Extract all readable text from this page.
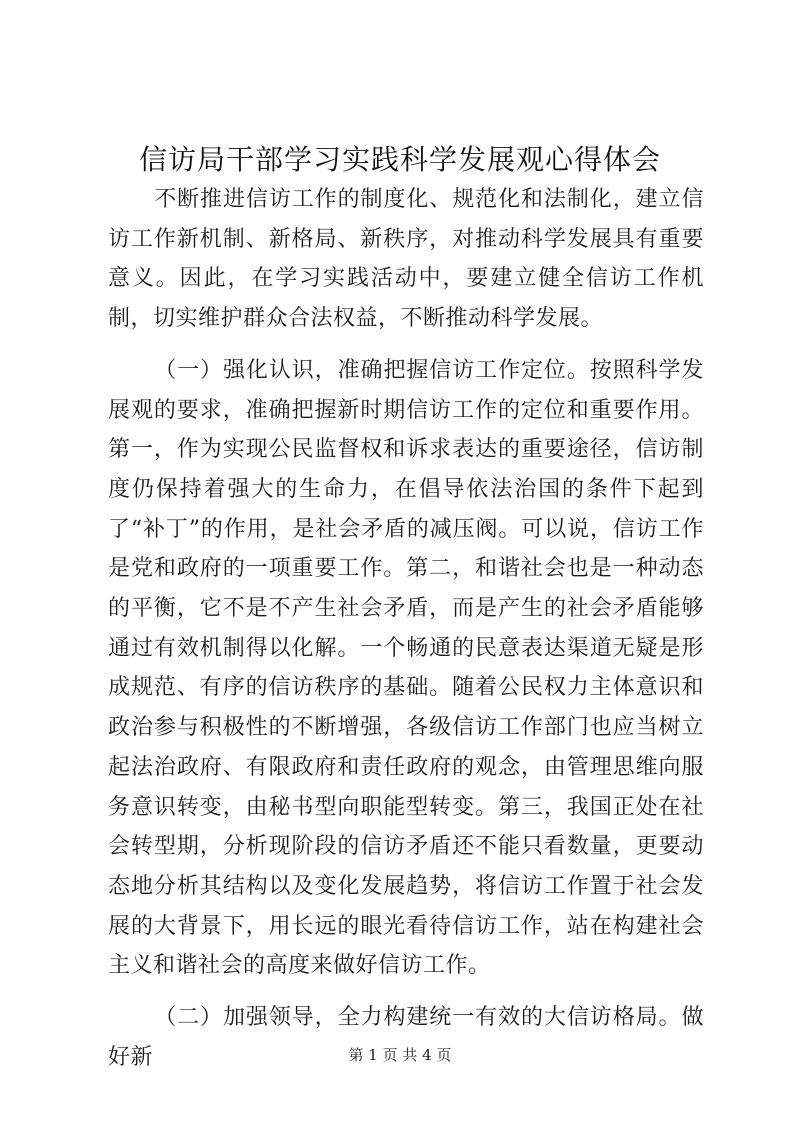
信访局干部学习实践科学发展观心得体会

不断推进信访工作的制度化、规范化和法制化，建立信访工作新机制、新格局、新秩序，对推动科学发展具有重要意义。因此，在学习实践活动中，要建立健全信访工作机制，切实维护群众合法权益，不断推动科学发展。

（一）强化认识，准确把握信访工作定位。按照科学发展观的要求，准确把握新时期信访工作的定位和重要作用。第一，作为实现公民监督权和诉求表达的重要途径，信访制度仍保持着强大的生命力，在倡导依法治国的条件下起到了“补丁”的作用，是社会矛盾的减压阀。可以说，信访工作是党和政府的一项重要工作。第二，和谐社会也是一种动态的平衡，它不是不产生社会矛盾，而是产生的社会矛盾能够通过有效机制得以化解。一个畅通的民意表达渠道无疑是形成规范、有序的信访秩序的基础。随着公民权力主体意识和政治参与积极性的不断增强，各级信访工作部门也应当树立起法治政府、有限政府和责任政府的观念，由管理思维向服务意识转变，由秘书型向职能型转变。第三，我国正处在社会转型期，分析现阶段的信访矛盾还不能只看数量，更要动态地分析其结构以及变化发展趋势，将信访工作置于社会发展的大背景下，用长远的眼光看待信访工作，站在构建社会主义和谐社会的高度来做好信访工作。

（二）加强领导，全力构建统一有效的大信访格局。做好新	第 1 页 共 4 页
